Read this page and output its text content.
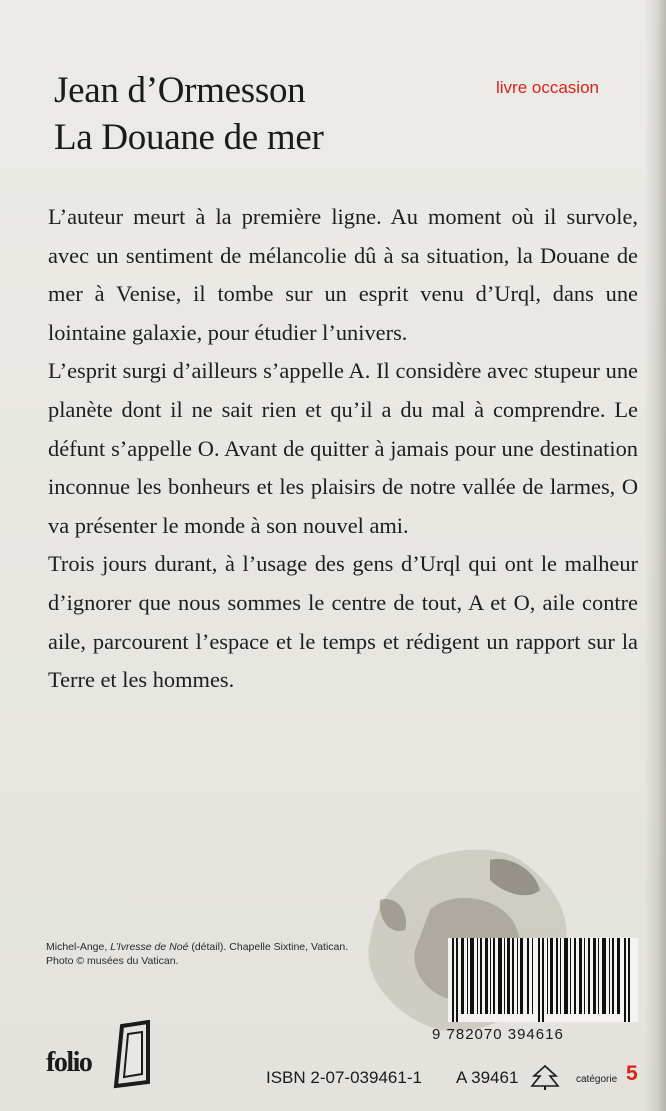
Jean d’Ormesson
La Douane de mer
livre occasion

L’auteur meurt à la première ligne. Au moment où il survole, avec un sentiment de mélancolie dû à sa situation, la Douane de mer à Venise, il tombe sur un esprit venu d’Urql, dans une lointaine galaxie, pour étudier l’univers.

L’esprit surgi d’ailleurs s’appelle A. Il considère avec stupeur une planète dont il ne sait rien et qu’il a du mal à comprendre. Le défunt s’appelle O. Avant de quitter à jamais pour une destination inconnue les bonheurs et les plaisirs de notre vallée de larmes, O va présenter le monde à son nouvel ami.

Trois jours durant, à l’usage des gens d’Urql qui ont le malheur d’ignorer que nous sommes le centre de tout, A et O, aile contre aile, parcourent l’espace et le temps et rédigent un rapport sur la Terre et les hommes.

Michel-Ange, L’Ivresse de Noé (détail). Chapelle Sixtine, Vatican.
Photo © musées du Vatican.
9 782070 394616
folio	ISBN 2-07-039461-1 A 39461	catégorie 5
